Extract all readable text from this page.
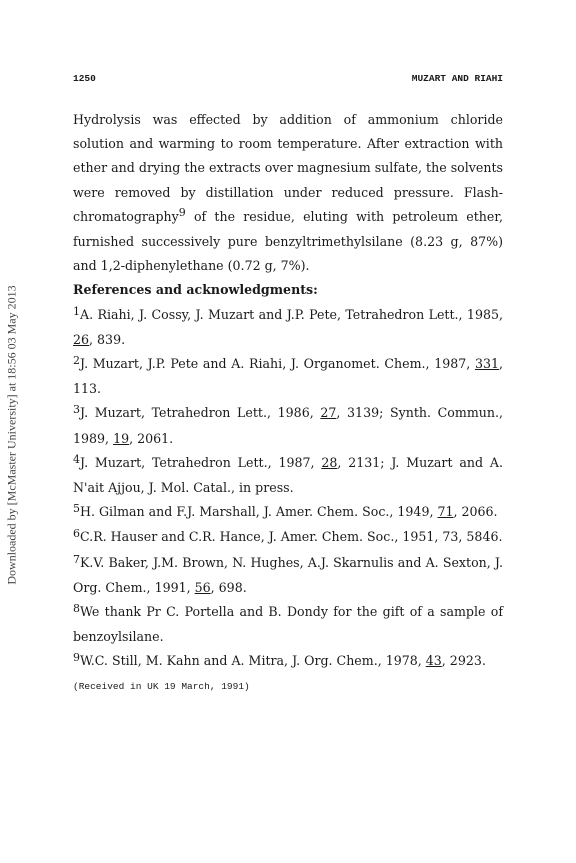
Downloaded by [McMaster University] at 18:56 03 May 2013
1250	MUZART AND RIAHI

Hydrolysis was effected by addition of ammonium chloride solution and warming to room temperature. After extraction with ether and drying the extracts over magnesium sulfate, the solvents were removed by distillation under reduced pressure. Flash-chromatography9 of the residue, eluting with petroleum ether, furnished successively pure benzyltrimethylsilane (8.23 g, 87%) and 1,2-diphenylethane (0.72 g, 7%).

References and acknowledgments:

$^1$A. Riahi, J. Cossy, J. Muzart and J.P. Pete, Tetrahedron Lett., 1985, 26, 839.

$^2$J. Muzart, J.P. Pete and A. Riahi, J. Organomet. Chem., 1987, 331, 113.

$^3$J. Muzart, Tetrahedron Lett., 1986, 27, 3139; Synth. Commun., 1989, 19, 2061.

$^4$J. Muzart, Tetrahedron Lett., 1987, 28, 2131; J. Muzart and A. N'ait Ajjou, J. Mol. Catal., in press.

$^5$H. Gilman and F.J. Marshall, J. Amer. Chem. Soc., 1949, 71, 2066.

$^6$C.R. Hauser and C.R. Hance, J. Amer. Chem. Soc., 1951, 73, 5846.

$^7$K.V. Baker, J.M. Brown, N. Hughes, A.J. Skarnulis and A. Sexton, J. Org. Chem., 1991, 56, 698.

$^8$We thank Pr C. Portella and B. Dondy for the gift of a sample of benzoylsilane.

$^9$W.C. Still, M. Kahn and A. Mitra, J. Org. Chem., 1978, 43, 2923.

(Received in UK 19 March, 1991)
